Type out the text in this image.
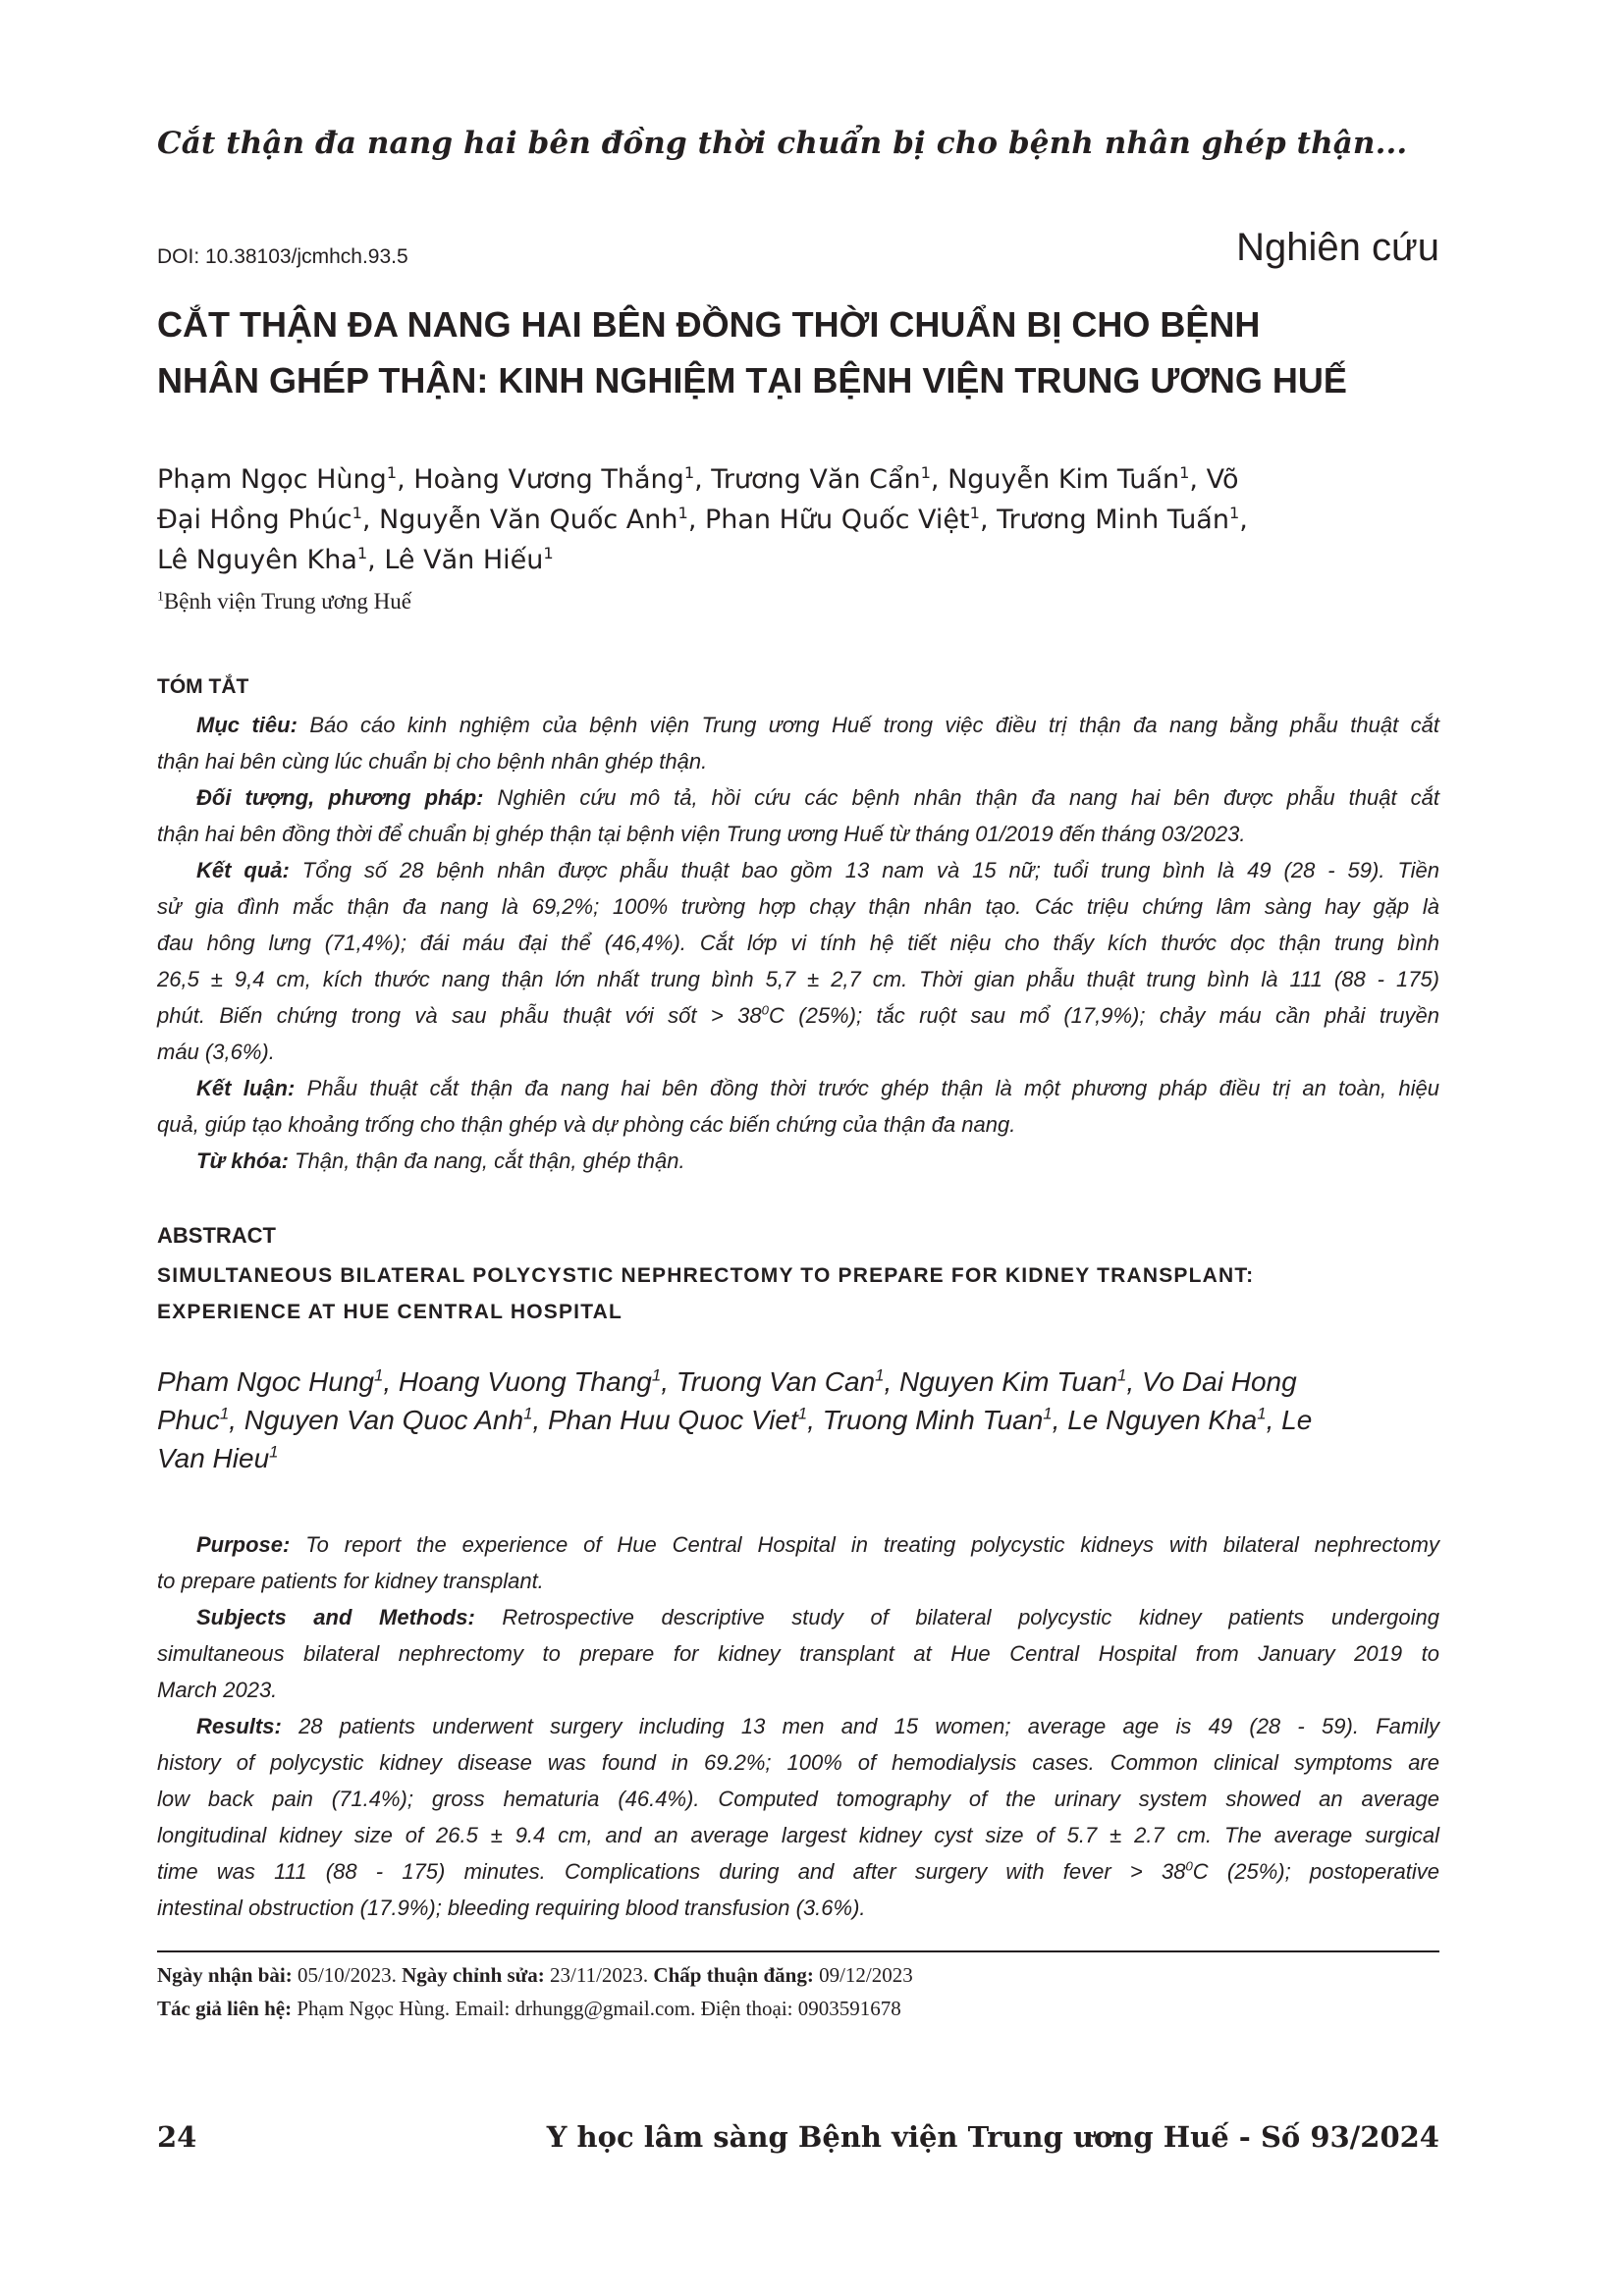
Cắt thận đa nang hai bên đồng thời chuẩn bị cho bệnh nhân ghép thận...
DOI: 10.38103/jcmhch.93.5	Nghiên cứu
CẮT THẬN ĐA NANG HAI BÊN ĐỒNG THỜI CHUẨN BỊ CHO BỆNH
NHÂN GHÉP THẬN: KINH NGHIỆM TẠI BỆNH VIỆN TRUNG ƯƠNG HUẾ
Phạm Ngọc Hùng$^1$, Hoàng Vương Thắng$^1$, Trương Văn Cẩn$^1$, Nguyễn Kim Tuấn$^1$, Võ
Đại Hồng Phúc$^1$, Nguyễn Văn Quốc Anh$^1$, Phan Hữu Quốc Việt$^1$, Trương Minh Tuấn$^1$,
Lê Nguyên Kha$^1$, Lê Văn Hiếu$^1$
$^1$Bệnh viện Trung ương Huế
TÓM TẮT
Mục tiêu: Báo cáo kinh nghiệm của bệnh viện Trung ương Huế trong việc điều trị thận đa nang bằng phẫu thuật cắt
thận hai bên cùng lúc chuẩn bị cho bệnh nhân ghép thận.
Đối tượng, phương pháp: Nghiên cứu mô tả, hồi cứu các bệnh nhân thận đa nang hai bên được phẫu thuật cắt
thận hai bên đồng thời để chuẩn bị ghép thận tại bệnh viện Trung ương Huế từ tháng 01/2019 đến tháng 03/2023.
Kết quả: Tổng số 28 bệnh nhân được phẫu thuật bao gồm 13 nam và 15 nữ; tuổi trung bình là 49 (28 - 59). Tiền
sử gia đình mắc thận đa nang là 69,2%; 100% trường hợp chạy thận nhân tạo. Các triệu chứng lâm sàng hay gặp là
đau hông lưng (71,4%); đái máu đại thể (46,4%). Cắt lớp vi tính hệ tiết niệu cho thấy kích thước dọc thận trung bình
26,5 ± 9,4 cm, kích thước nang thận lớn nhất trung bình 5,7 ± 2,7 cm. Thời gian phẫu thuật trung bình là 111 (88 - 175)
phút. Biến chứng trong và sau phẫu thuật với sốt > $38^0C$ (25%); tắc ruột sau mổ (17,9%); chảy máu cần phải truyền
máu (3,6%).
Kết luận: Phẫu thuật cắt thận đa nang hai bên đồng thời trước ghép thận là một phương pháp điều trị an toàn, hiệu
quả, giúp tạo khoảng trống cho thận ghép và dự phòng các biến chứng của thận đa nang.
Từ khóa: Thận, thận đa nang, cắt thận, ghép thận.
ABSTRACT
SIMULTANEOUS BILATERAL POLYCYSTIC NEPHRECTOMY TO PREPARE FOR KIDNEY TRANSPLANT:
EXPERIENCE AT HUE CENTRAL HOSPITAL
Pham Ngoc Hung$^1$, Hoang Vuong Thang$^1$, Truong Van Can$^1$, Nguyen Kim Tuan$^1$, Vo Dai Hong
Phuc$^1$, Nguyen Van Quoc Anh$^1$, Phan Huu Quoc Viet$^1$, Truong Minh Tuan$^1$, Le Nguyen Kha$^1$, Le
Van Hieu$^1$
Purpose: To report the experience of Hue Central Hospital in treating polycystic kidneys with bilateral nephrectomy
to prepare patients for kidney transplant.
Subjects and Methods: Retrospective descriptive study of bilateral polycystic kidney patients undergoing
simultaneous bilateral nephrectomy to prepare for kidney transplant at Hue Central Hospital from January 2019 to
March 2023.
Results: 28 patients underwent surgery including 13 men and 15 women; average age is 49 (28 - 59). Family
history of polycystic kidney disease was found in 69.2%; 100% of hemodialysis cases. Common clinical symptoms are
low back pain (71.4%); gross hematuria (46.4%). Computed tomography of the urinary system showed an average
longitudinal kidney size of 26.5 ± 9.4 cm, and an average largest kidney cyst size of 5.7 ± 2.7 cm. The average surgical
time was 111 (88 - 175) minutes. Complications during and after surgery with fever > $38^0C$ (25%); postoperative
intestinal obstruction (17.9%); bleeding requiring blood transfusion (3.6%).
Ngày nhận bài: 05/10/2023. Ngày chỉnh sửa: 23/11/2023. Chấp thuận đăng: 09/12/2023
Tác giả liên hệ: Phạm Ngọc Hùng. Email: drhungg@gmail.com. Điện thoại: 0903591678
24	Y học lâm sàng Bệnh viện Trung ương Huế - Số 93/2024
